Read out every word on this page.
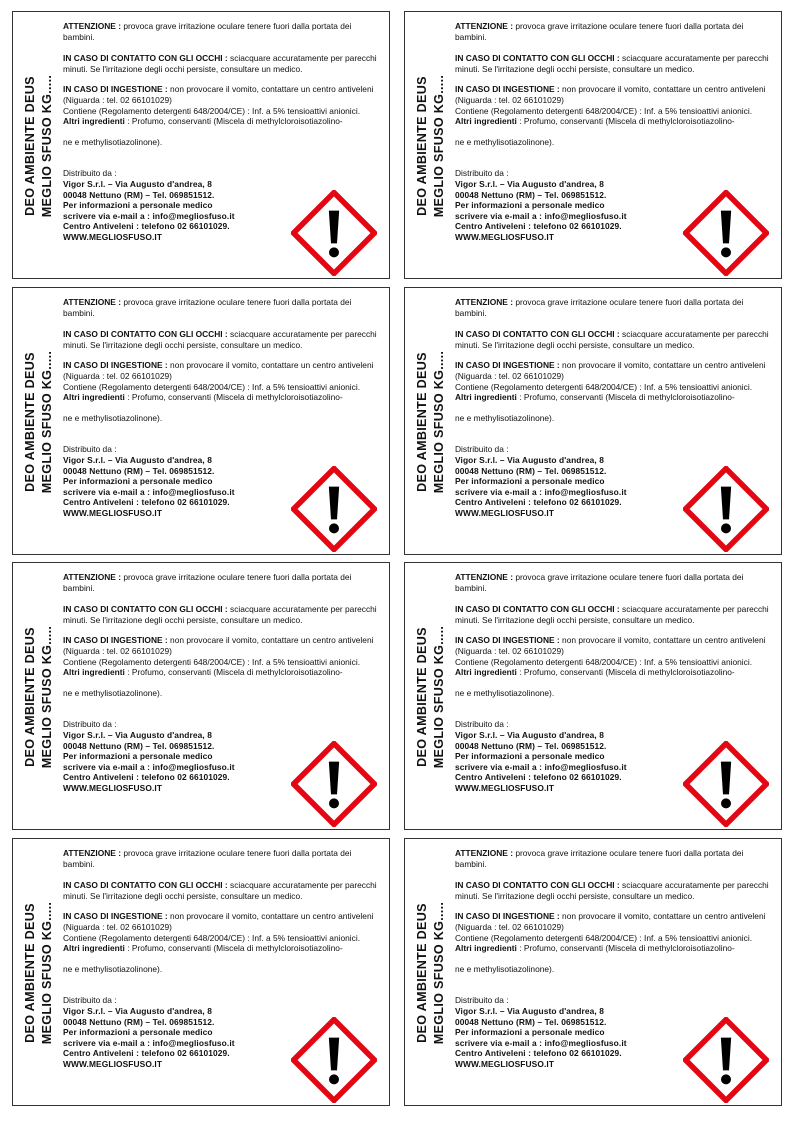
DEO AMBIENTE DEUS MEGLIO SFUSO KG.....

ATTENZIONE : provoca grave irritazione oculare tenere fuori dalla portata dei bambini.

IN CASO DI CONTATTO CON GLI OCCHI : sciacquare accuratamente per parecchi minuti. Se l'irritazione degli occhi persiste, consultare un medico.

IN CASO DI INGESTIONE : non provocare il vomito, contattare un centro antiveleni (Niguarda : tel. 02 66101029)

Contiene (Regolamento detergenti 648/2004/CE) : Inf. a 5% tensioattivi anionici.

Altri ingredienti : Profumo, conservanti (Miscela di methylcloroisotiazolino-

ne e methylisotiazolinone).

Distribuito da :

Vigor S.r.l. – Via Augusto d'andrea, 8

00048 Nettuno (RM) – Tel. 069851512.

Per informazioni a personale medico

scrivere via e-mail a : info@megliosfuso.it

Centro Antiveleni : telefono 02 66101029.

WWW.MEGLIOSFUSO.IT

DEO AMBIENTE DEUS MEGLIO SFUSO KG.....

ATTENZIONE : provoca grave irritazione oculare tenere fuori dalla portata dei bambini.

IN CASO DI CONTATTO CON GLI OCCHI : sciacquare accuratamente per parecchi minuti. Se l'irritazione degli occhi persiste, consultare un medico.

IN CASO DI INGESTIONE : non provocare il vomito, contattare un centro antiveleni (Niguarda : tel. 02 66101029)

Contiene (Regolamento detergenti 648/2004/CE) : Inf. a 5% tensioattivi anionici.

Altri ingredienti : Profumo, conservanti (Miscela di methylcloroisotiazolino-

ne e methylisotiazolinone).

Distribuito da :

Vigor S.r.l. – Via Augusto d'andrea, 8

00048 Nettuno (RM) – Tel. 069851512.

Per informazioni a personale medico

scrivere via e-mail a : info@megliosfuso.it

Centro Antiveleni : telefono 02 66101029.

WWW.MEGLIOSFUSO.IT

DEO AMBIENTE DEUS MEGLIO SFUSO KG.....

ATTENZIONE : provoca grave irritazione oculare tenere fuori dalla portata dei bambini.

IN CASO DI CONTATTO CON GLI OCCHI : sciacquare accuratamente per parecchi minuti. Se l'irritazione degli occhi persiste, consultare un medico.

IN CASO DI INGESTIONE : non provocare il vomito, contattare un centro antiveleni (Niguarda : tel. 02 66101029)

Contiene (Regolamento detergenti 648/2004/CE) : Inf. a 5% tensioattivi anionici.

Altri ingredienti : Profumo, conservanti (Miscela di methylcloroisotiazolino-

ne e methylisotiazolinone).

Distribuito da :

Vigor S.r.l. – Via Augusto d'andrea, 8

00048 Nettuno (RM) – Tel. 069851512.

Per informazioni a personale medico

scrivere via e-mail a : info@megliosfuso.it

Centro Antiveleni : telefono 02 66101029.

WWW.MEGLIOSFUSO.IT

DEO AMBIENTE DEUS MEGLIO SFUSO KG.....

ATTENZIONE : provoca grave irritazione oculare tenere fuori dalla portata dei bambini.

IN CASO DI CONTATTO CON GLI OCCHI : sciacquare accuratamente per parecchi minuti. Se l'irritazione degli occhi persiste, consultare un medico.

IN CASO DI INGESTIONE : non provocare il vomito, contattare un centro antiveleni (Niguarda : tel. 02 66101029)

Contiene (Regolamento detergenti 648/2004/CE) : Inf. a 5% tensioattivi anionici.

Altri ingredienti : Profumo, conservanti (Miscela di methylcloroisotiazolino-

ne e methylisotiazolinone).

Distribuito da :

Vigor S.r.l. – Via Augusto d'andrea, 8

00048 Nettuno (RM) – Tel. 069851512.

Per informazioni a personale medico

scrivere via e-mail a : info@megliosfuso.it

Centro Antiveleni : telefono 02 66101029.

WWW.MEGLIOSFUSO.IT

DEO AMBIENTE DEUS MEGLIO SFUSO KG.....

ATTENZIONE : provoca grave irritazione oculare tenere fuori dalla portata dei bambini.

IN CASO DI CONTATTO CON GLI OCCHI : sciacquare accuratamente per parecchi minuti. Se l'irritazione degli occhi persiste, consultare un medico.

IN CASO DI INGESTIONE : non provocare il vomito, contattare un centro antiveleni (Niguarda : tel. 02 66101029)

Contiene (Regolamento detergenti 648/2004/CE) : Inf. a 5% tensioattivi anionici.

Altri ingredienti : Profumo, conservanti (Miscela di methylcloroisotiazolino-

ne e methylisotiazolinone).

Distribuito da :

Vigor S.r.l. – Via Augusto d'andrea, 8

00048 Nettuno (RM) – Tel. 069851512.

Per informazioni a personale medico

scrivere via e-mail a : info@megliosfuso.it

Centro Antiveleni : telefono 02 66101029.

WWW.MEGLIOSFUSO.IT

DEO AMBIENTE DEUS MEGLIO SFUSO KG.....

ATTENZIONE : provoca grave irritazione oculare tenere fuori dalla portata dei bambini.

IN CASO DI CONTATTO CON GLI OCCHI : sciacquare accuratamente per parecchi minuti. Se l'irritazione degli occhi persiste, consultare un medico.

IN CASO DI INGESTIONE : non provocare il vomito, contattare un centro antiveleni (Niguarda : tel. 02 66101029)

Contiene (Regolamento detergenti 648/2004/CE) : Inf. a 5% tensioattivi anionici.

Altri ingredienti : Profumo, conservanti (Miscela di methylcloroisotiazolino-

ne e methylisotiazolinone).

Distribuito da :

Vigor S.r.l. – Via Augusto d'andrea, 8

00048 Nettuno (RM) – Tel. 069851512.

Per informazioni a personale medico

scrivere via e-mail a : info@megliosfuso.it

Centro Antiveleni : telefono 02 66101029.

WWW.MEGLIOSFUSO.IT

DEO AMBIENTE DEUS MEGLIO SFUSO KG.....

ATTENZIONE : provoca grave irritazione oculare tenere fuori dalla portata dei bambini.

IN CASO DI CONTATTO CON GLI OCCHI : sciacquare accuratamente per parecchi minuti. Se l'irritazione degli occhi persiste, consultare un medico.

IN CASO DI INGESTIONE : non provocare il vomito, contattare un centro antiveleni (Niguarda : tel. 02 66101029)

Contiene (Regolamento detergenti 648/2004/CE) : Inf. a 5% tensioattivi anionici.

Altri ingredienti : Profumo, conservanti (Miscela di methylcloroisotiazolino-

ne e methylisotiazolinone).

Distribuito da :

Vigor S.r.l. – Via Augusto d'andrea, 8

00048 Nettuno (RM) – Tel. 069851512.

Per informazioni a personale medico

scrivere via e-mail a : info@megliosfuso.it

Centro Antiveleni : telefono 02 66101029.

WWW.MEGLIOSFUSO.IT

DEO AMBIENTE DEUS MEGLIO SFUSO KG.....

ATTENZIONE : provoca grave irritazione oculare tenere fuori dalla portata dei bambini.

IN CASO DI CONTATTO CON GLI OCCHI : sciacquare accuratamente per parecchi minuti. Se l'irritazione degli occhi persiste, consultare un medico.

IN CASO DI INGESTIONE : non provocare il vomito, contattare un centro antiveleni (Niguarda : tel. 02 66101029)

Contiene (Regolamento detergenti 648/2004/CE) : Inf. a 5% tensioattivi anionici.

Altri ingredienti : Profumo, conservanti (Miscela di methylcloroisotiazolino-

ne e methylisotiazolinone).

Distribuito da :

Vigor S.r.l. – Via Augusto d'andrea, 8

00048 Nettuno (RM) – Tel. 069851512.

Per informazioni a personale medico

scrivere via e-mail a : info@megliosfuso.it

Centro Antiveleni : telefono 02 66101029.

WWW.MEGLIOSFUSO.IT
